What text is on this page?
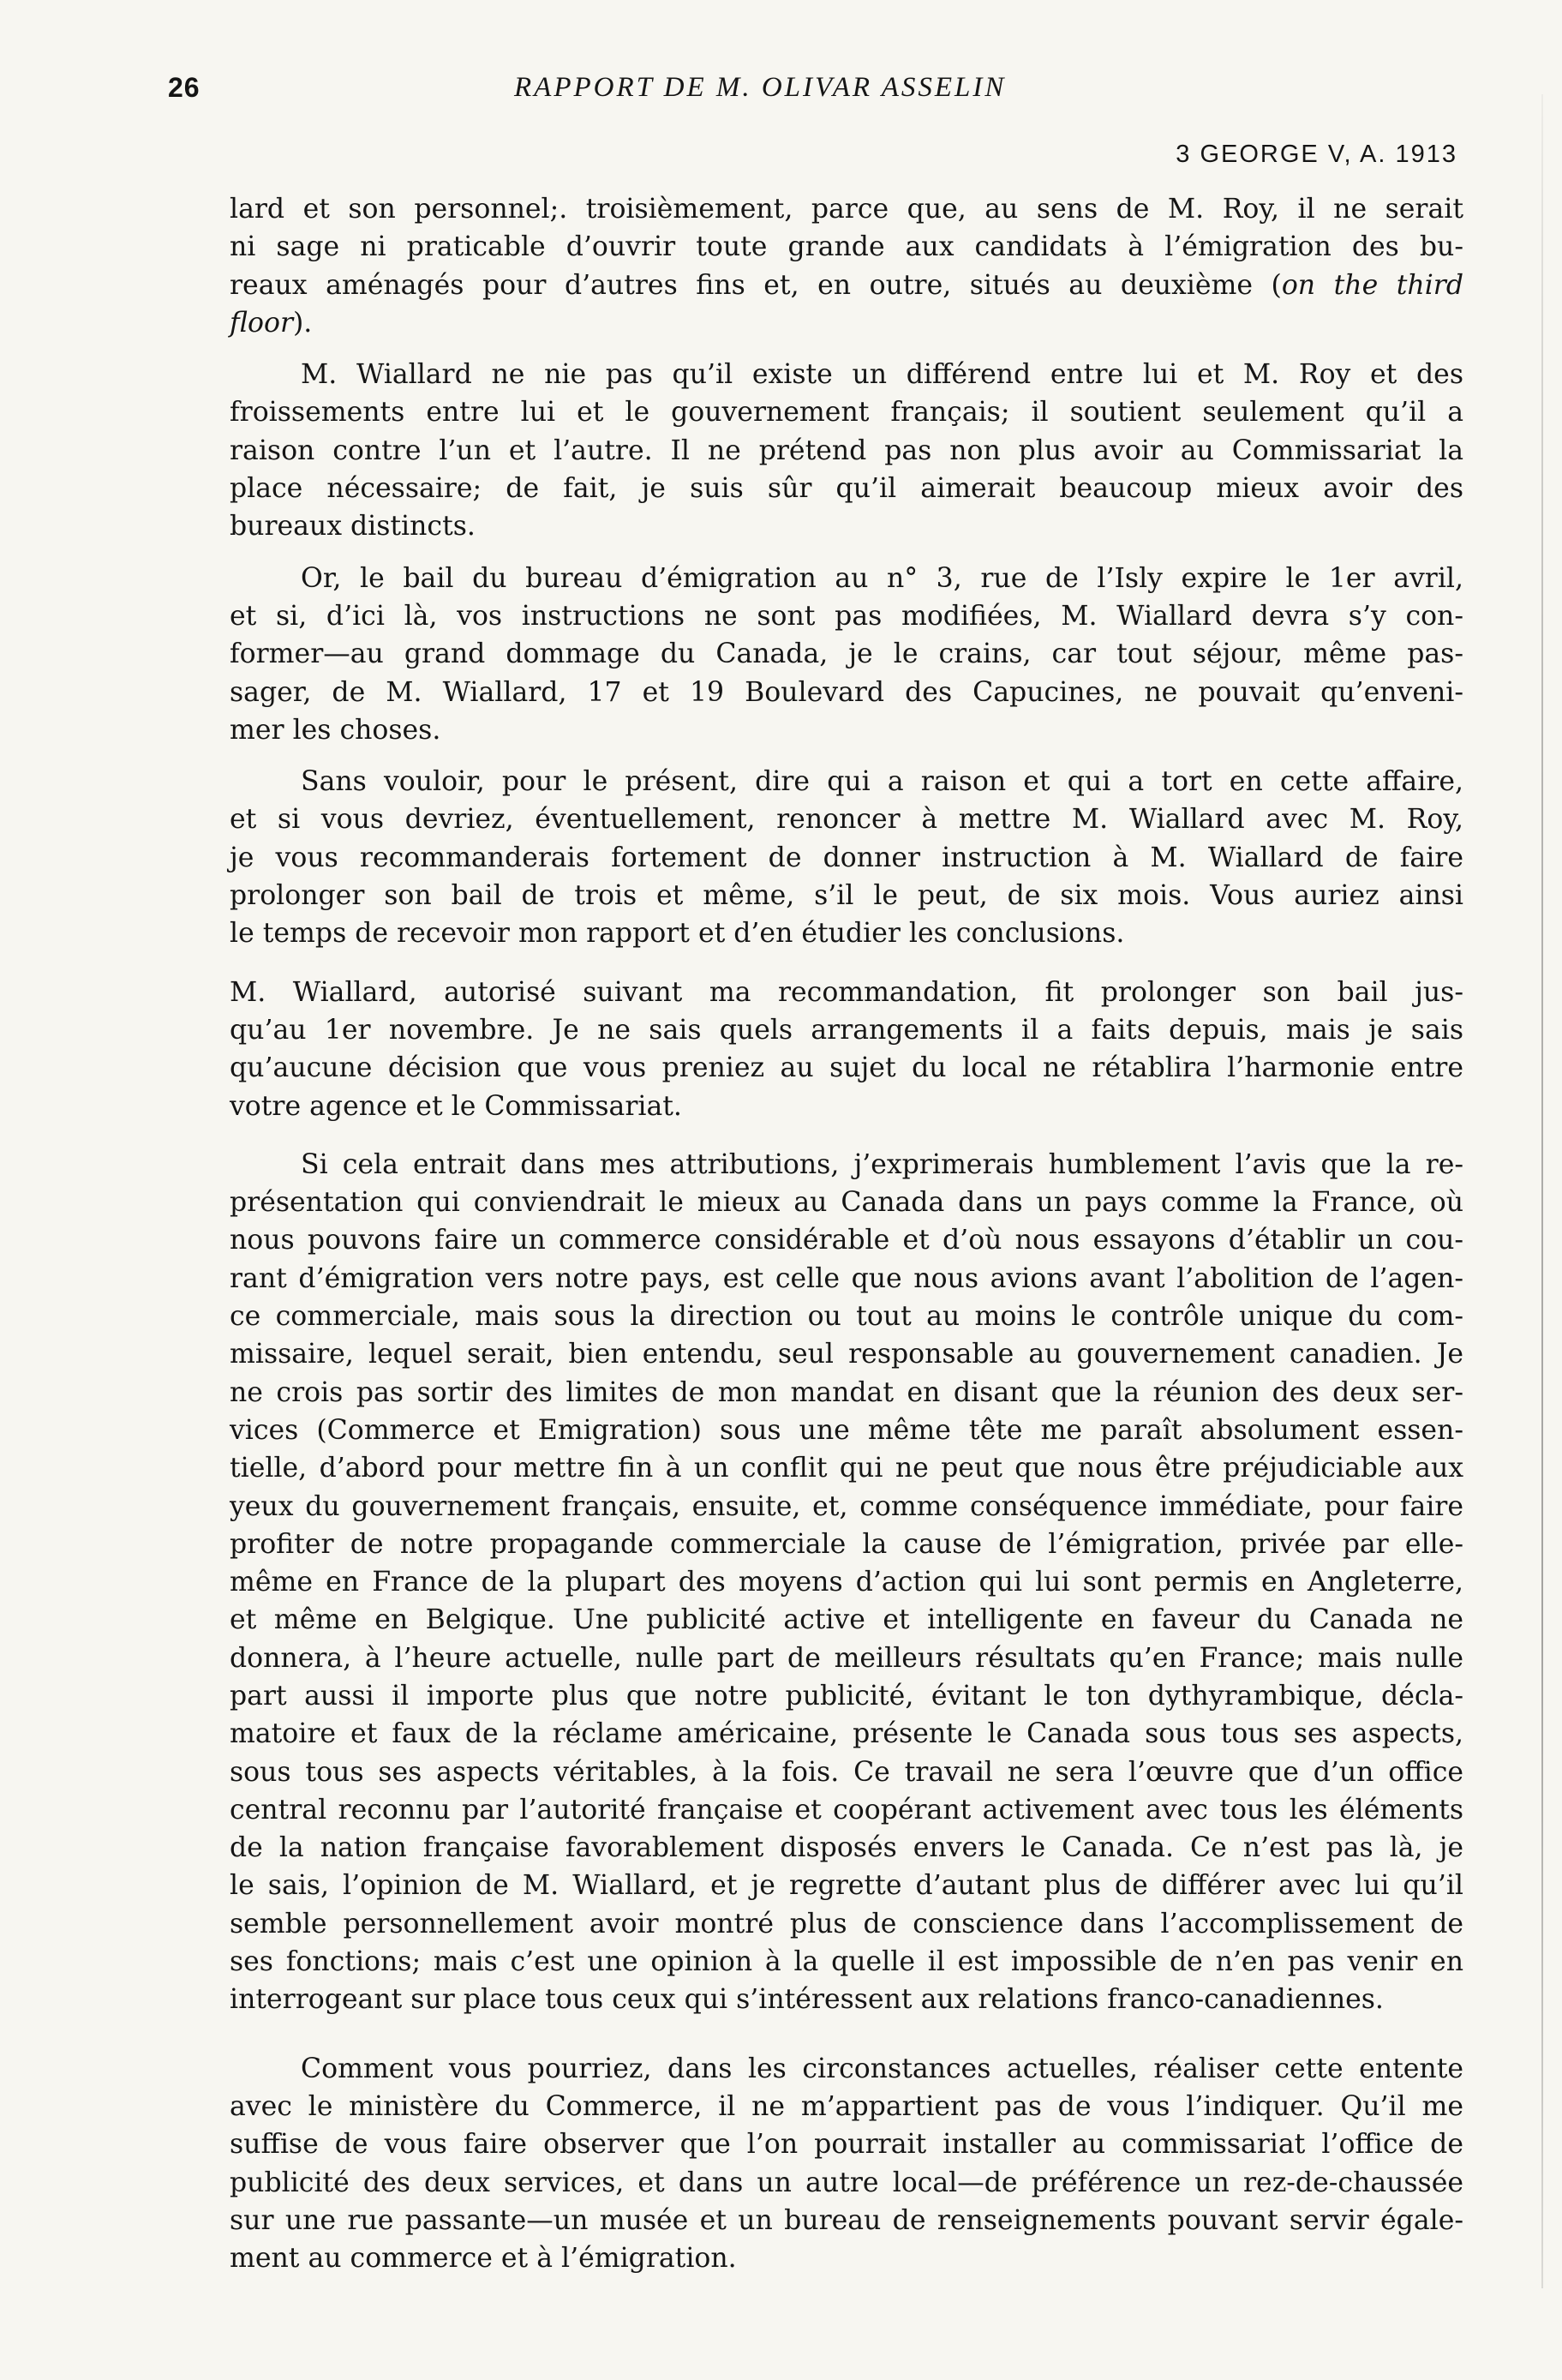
26	RAPPORT DE M. OLIVAR ASSELIN
3 GEORGE V, A. 1913
lard et son personnel;. troisièmement, parce que, au sens de M. Roy, il ne serait
ni sage ni praticable d’ouvrir toute grande aux candidats à l’émigration des bu-
reaux aménagés pour d’autres fins et, en outre, situés au deuxième (on the third
floor).
M. Wiallard ne nie pas qu’il existe un différend entre lui et M. Roy et des
froissements entre lui et le gouvernement français; il soutient seulement qu’il a
raison contre l’un et l’autre. Il ne prétend pas non plus avoir au Commissariat la
place nécessaire; de fait, je suis sûr qu’il aimerait beaucoup mieux avoir des
bureaux distincts.
Or, le bail du bureau d’émigration au n° 3, rue de l’Isly expire le 1er avril,
et si, d’ici là, vos instructions ne sont pas modifiées, M. Wiallard devra s’y con-
former—au grand dommage du Canada, je le crains, car tout séjour, même pas-
sager, de M. Wiallard, 17 et 19 Boulevard des Capucines, ne pouvait qu’enveni-
mer les choses.
Sans vouloir, pour le présent, dire qui a raison et qui a tort en cette affaire,
et si vous devriez, éventuellement, renoncer à mettre M. Wiallard avec M. Roy,
je vous recommanderais fortement de donner instruction à M. Wiallard de faire
prolonger son bail de trois et même, s’il le peut, de six mois. Vous auriez ainsi
le temps de recevoir mon rapport et d’en étudier les conclusions.
M. Wiallard, autorisé suivant ma recommandation, fit prolonger son bail jus-
qu’au 1er novembre. Je ne sais quels arrangements il a faits depuis, mais je sais
qu’aucune décision que vous preniez au sujet du local ne rétablira l’harmonie entre
votre agence et le Commissariat.
Si cela entrait dans mes attributions, j’exprimerais humblement l’avis que la re-
présentation qui conviendrait le mieux au Canada dans un pays comme la France, où
nous pouvons faire un commerce considérable et d’où nous essayons d’établir un cou-
rant d’émigration vers notre pays, est celle que nous avions avant l’abolition de l’agen-
ce commerciale, mais sous la direction ou tout au moins le contrôle unique du com-
missaire, lequel serait, bien entendu, seul responsable au gouvernement canadien. Je
ne crois pas sortir des limites de mon mandat en disant que la réunion des deux ser-
vices (Commerce et Emigration) sous une même tête me paraît absolument essen-
tielle, d’abord pour mettre fin à un conflit qui ne peut que nous être préjudiciable aux
yeux du gouvernement français, ensuite, et, comme conséquence immédiate, pour faire
profiter de notre propagande commerciale la cause de l’émigration, privée par elle-
même en France de la plupart des moyens d’action qui lui sont permis en Angleterre,
et même en Belgique. Une publicité active et intelligente en faveur du Canada ne
donnera, à l’heure actuelle, nulle part de meilleurs résultats qu’en France; mais nulle
part aussi il importe plus que notre publicité, évitant le ton dythyrambique, décla-
matoire et faux de la réclame américaine, présente le Canada sous tous ses aspects,
sous tous ses aspects véritables, à la fois. Ce travail ne sera l’œuvre que d’un office
central reconnu par l’autorité française et coopérant activement avec tous les éléments
de la nation française favorablement disposés envers le Canada. Ce n’est pas là, je
le sais, l’opinion de M. Wiallard, et je regrette d’autant plus de différer avec lui qu’il
semble personnellement avoir montré plus de conscience dans l’accomplissement de
ses fonctions; mais c’est une opinion à la quelle il est impossible de n’en pas venir en
interrogeant sur place tous ceux qui s’intéressent aux relations franco-canadiennes.
Comment vous pourriez, dans les circonstances actuelles, réaliser cette entente
avec le ministère du Commerce, il ne m’appartient pas de vous l’indiquer. Qu’il me
suffise de vous faire observer que l’on pourrait installer au commissariat l’office de
publicité des deux services, et dans un autre local—de préférence un rez-de-chaussée
sur une rue passante—un musée et un bureau de renseignements pouvant servir égale-
ment au commerce et à l’émigration.
